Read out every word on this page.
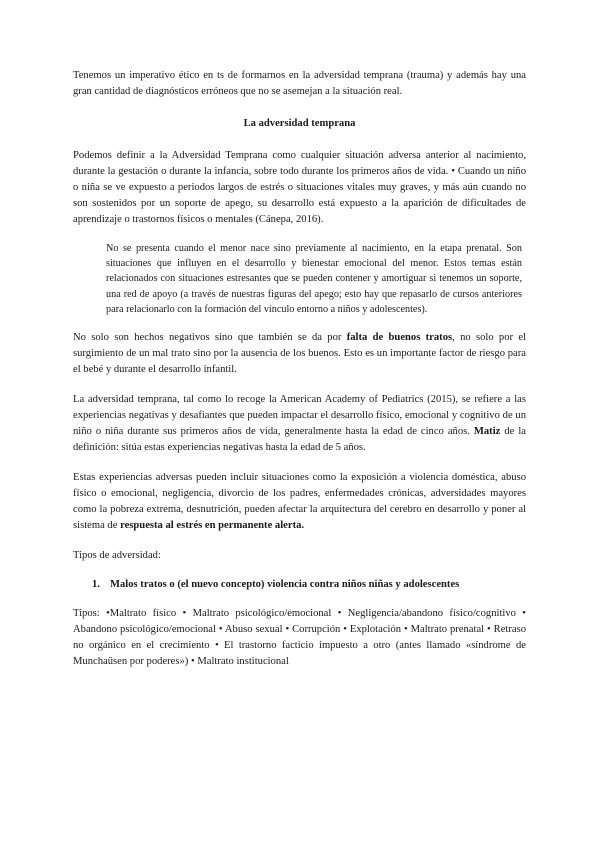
Tenemos un imperativo ético en ts de formarnos en la adversidad temprana (trauma) y además hay una gran cantidad de diagnósticos erróneos que no se asemejan a la situación real.

La adversidad temprana

Podemos definir a la Adversidad Temprana como cualquier situación adversa anterior al nacimiento, durante la gestación o durante la infancia, sobre todo durante los primeros años de vida. • Cuando un niño o niña se ve expuesto a periodos largos de estrés o situaciones vitales muy graves, y más aún cuando no son sostenidos por un soporte de apego, su desarrollo está expuesto a la aparición de dificultades de aprendizaje o trastornos físicos o mentales (Cánepa, 2016).

No se presenta cuando el menor nace sino previamente al nacimiento, en la etapa prenatal. Son situaciones que influyen en el desarrollo y bienestar emocional del menor. Estos temas están relacionados con situaciones estresantes que se pueden contener y amortiguar si tenemos un soporte, una red de apoyo (a través de nuestras figuras del apego; esto hay que repasarlo de cursos anteriores para relacionarlo con la formación del vínculo entorno a niños y adolescentes).

No solo son hechos negativos sino que también se da por falta de buenos tratos, no solo por el surgimiento de un mal trato sino por la ausencia de los buenos. Esto es un importante factor de riesgo para el bebé y durante el desarrollo infantil.

La adversidad temprana, tal como lo recoge la American Academy of Pediatrics (2015), se refiere a las experiencias negativas y desafiantes que pueden impactar el desarrollo físico, emocional y cognitivo de un niño o niña durante sus primeros años de vida, generalmente hasta la edad de cinco años. Matiz de la definición: sitúa estas experiencias negativas hasta la edad de 5 años.

Estas experiencias adversas pueden incluir situaciones como la exposición a violencia doméstica, abuso físico o emocional, negligencia, divorcio de los padres, enfermedades crónicas, adversidades mayores como la pobreza extrema, desnutrición, pueden afectar la arquitectura del cerebro en desarrollo y poner al sistema de respuesta al estrés en permanente alerta.

Tipos de adversidad:

1. Malos tratos o (el nuevo concepto) violencia contra niños niñas y adolescentes

Tipos: •Maltrato físico • Maltrato psicológico/emocional • Negligencia/abandono físico/cognitivo • Abandono psicológico/emocional • Abuso sexual • Corrupción • Explotación • Maltrato prenatal • Retraso no orgánico en el crecimiento • El trastorno facticio impuesto a otro (antes llamado «síndrome de Munchaüsen por poderes») • Maltrato institucional
